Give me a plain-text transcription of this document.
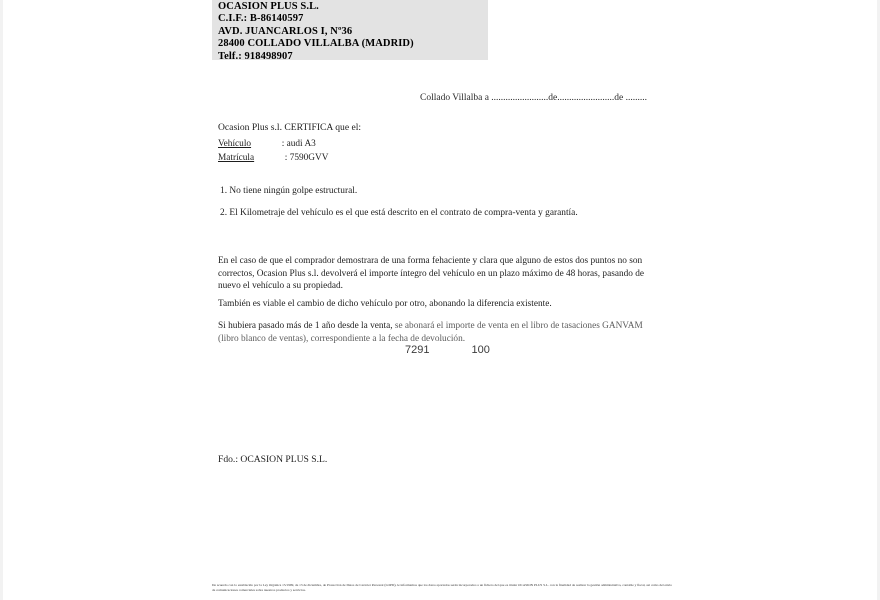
OCASION PLUS S.L.
C.I.F.: B-86140597
AVD. JUANCARLOS I, Nº36
28400 COLLADO VILLALBA (MADRID)
Telf.: 918498907
Collado Villalba a ........................de........................de .........
Ocasion Plus s.l. CERTIFICA que el:
Vehículo	: audi A3
Matrícula	: 7590GVV
1. No tiene ningún golpe estructural.
2. El Kilometraje del vehículo es el que está descrito en el contrato de compra-venta y garantía.
En el caso de que el comprador demostrara de una forma fehaciente y clara que alguno de estos dos puntos no son correctos, Ocasion Plus s.l. devolverá el importe íntegro del vehículo en un plazo máximo de 48 horas, pasando de nuevo el vehículo a su propiedad.
También es viable el cambio de dicho vehículo por otro, abonando la diferencia existente.
Si hubiera pasado más de 1 año desde la venta, se abonará el importe de venta en el libro de tasaciones GANVAM (libro blanco de ventas), correspondiente a la fecha de devolución.
7291	100
Fdo.: OCASION PLUS S.L.
De acuerdo con lo establecido por la Ley Orgánica 15/1999, de 13 de diciembre, de Protección de Datos de Carácter Personal (LOPD), le informamos que los datos aportados serán incorporados a un fichero del que es titular OCASION PLUS S.L. con la finalidad de realizar la gestión administrativa, contable y fiscal, así como del envío de comunicaciones comerciales sobre nuestros productos y servicios.
